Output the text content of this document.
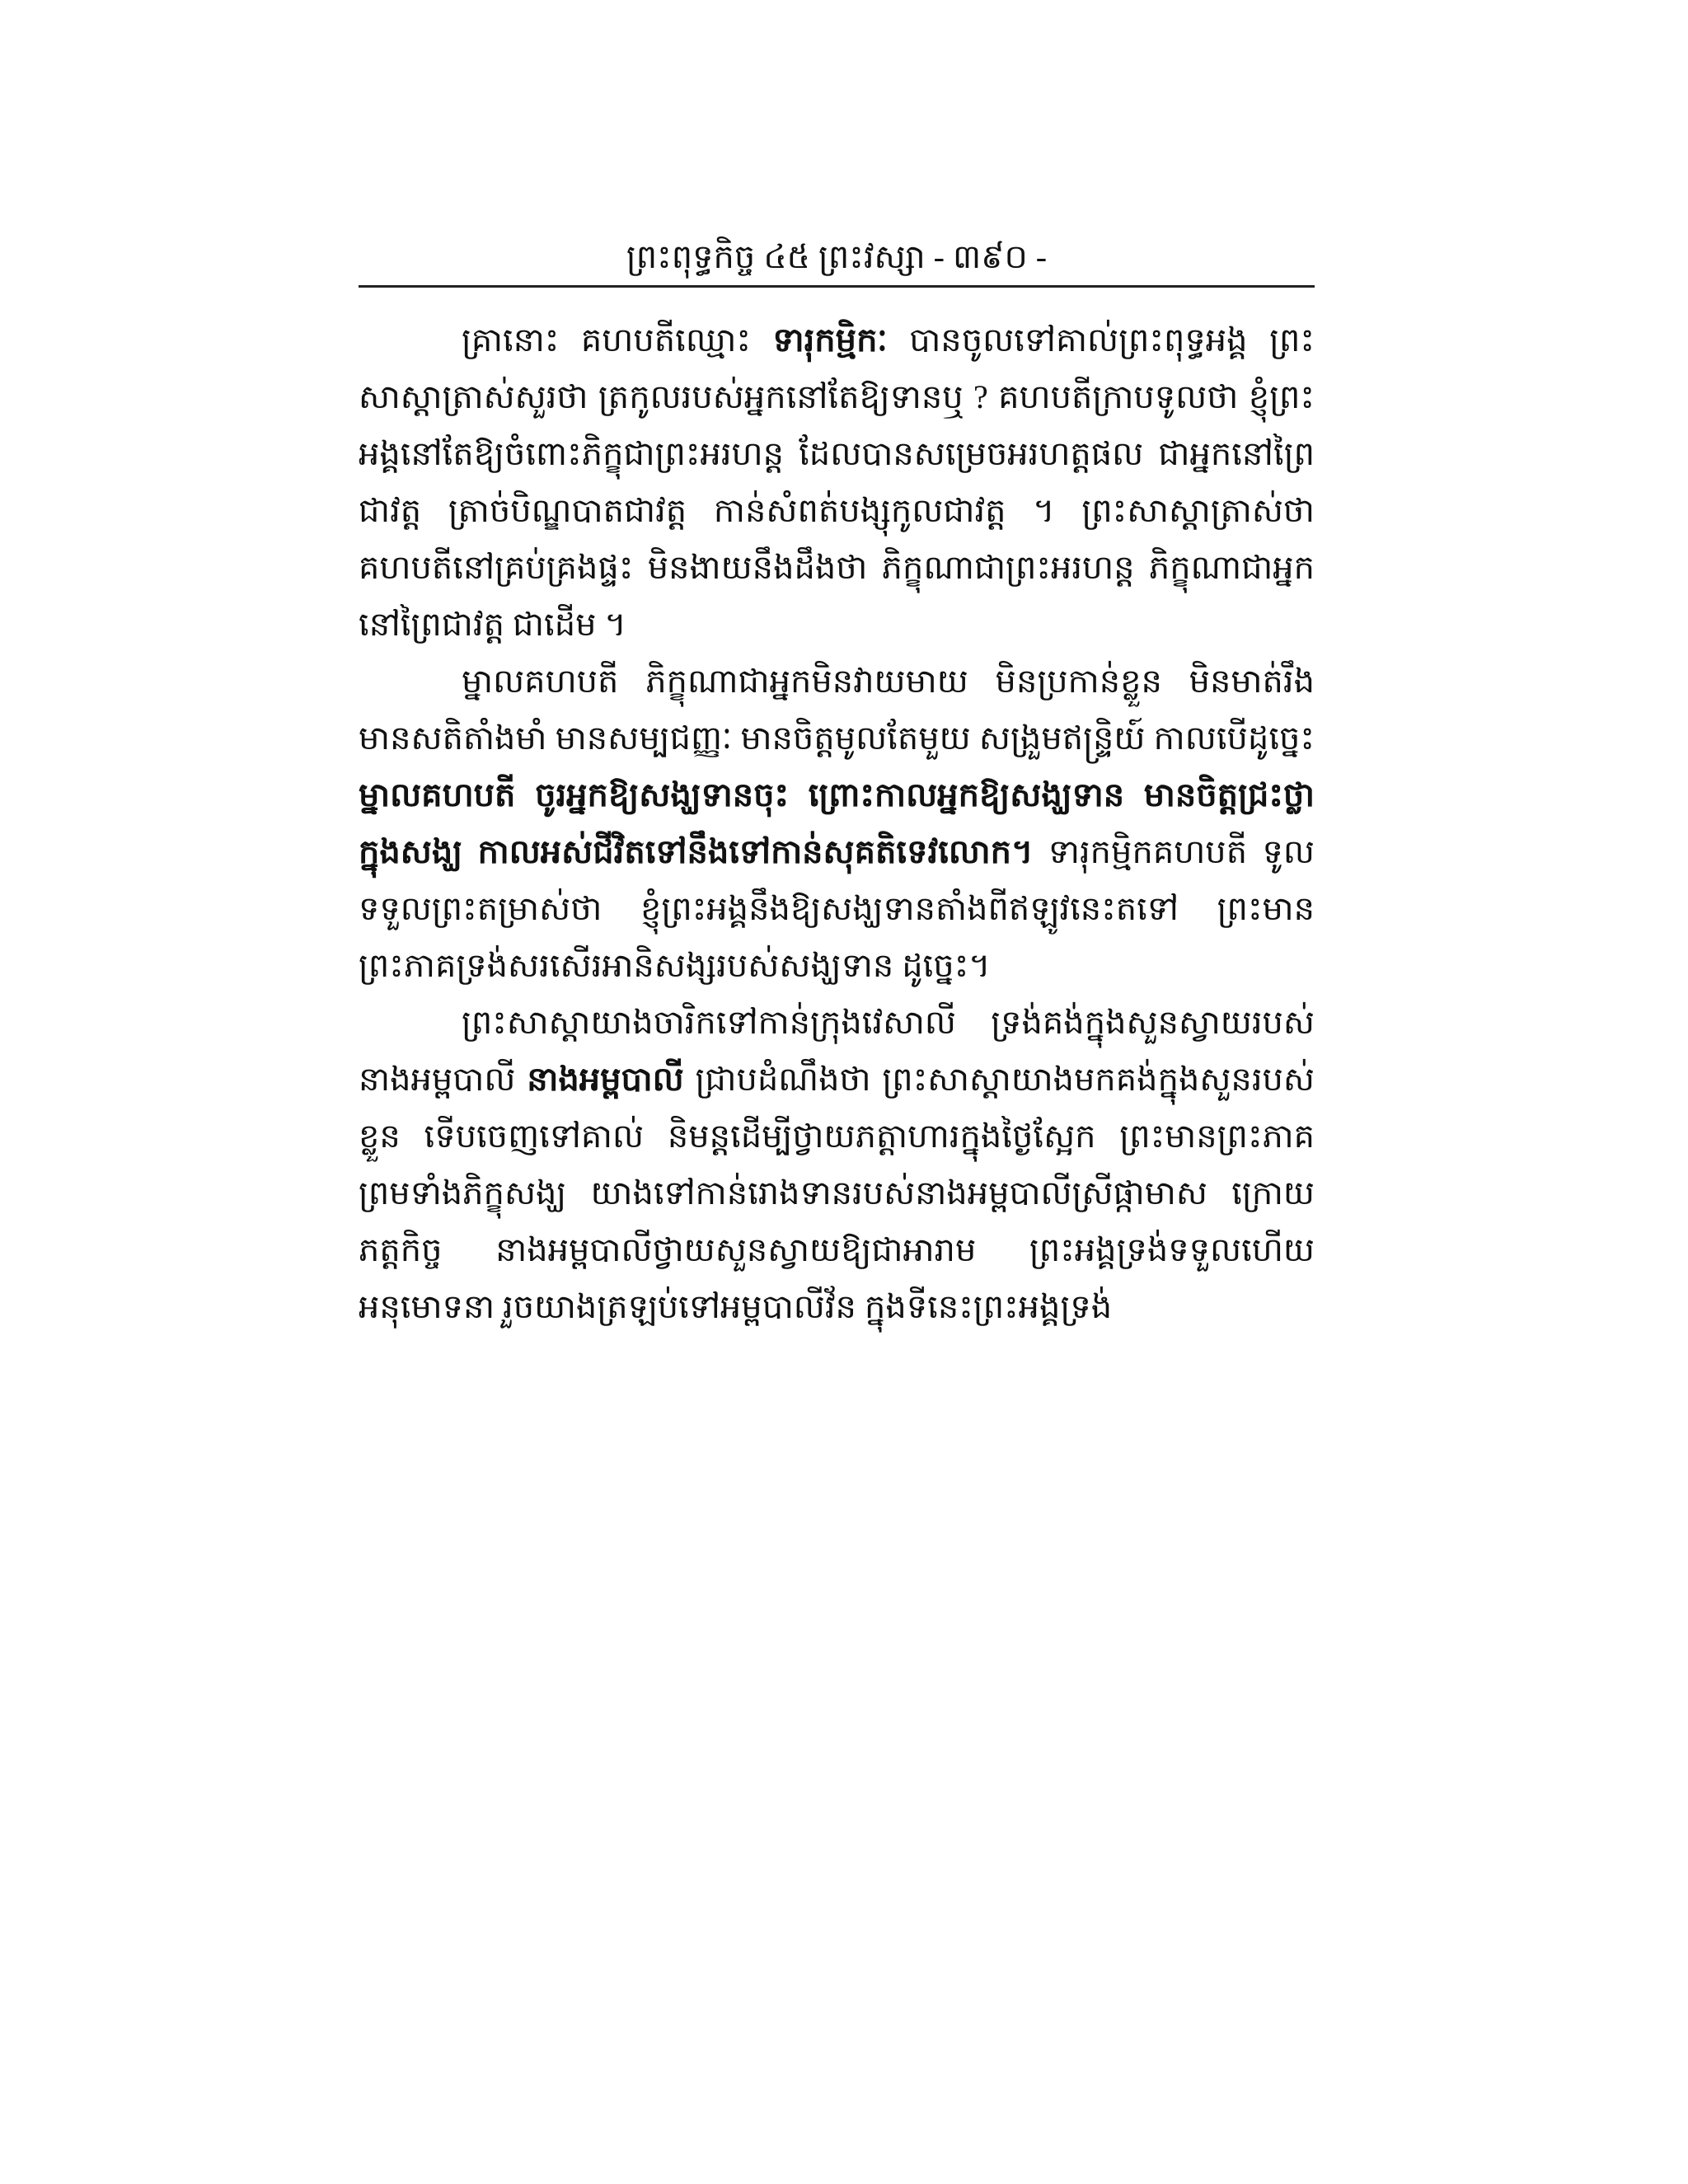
ព្រះពុទ្ធកិច្ច ៤៥ ព្រះវស្សា - ៣៩០ -

គ្រានោះ គហបតីឈ្មោះ ទារុកម្មិកៈ បានចូលទៅគាល់ព្រះពុទ្ធអង្គ ព្រះសាស្ដាត្រាស់សួរថា ត្រកូលរបស់អ្នកនៅតែឱ្យទានឬ ? គហបតីក្រាបទូលថា ខ្ញុំព្រះអង្គនៅតែឱ្យចំពោះភិក្ខុជាព្រះអរហន្ត ដែលបានសម្រេចអរហត្តផល ជាអ្នកនៅព្រៃជាវត្ត ត្រាច់បិណ្ឌបាតជាវត្ត កាន់សំពត់បង្សុកូលជាវត្ត ។ ព្រះសាស្ដាត្រាស់ថា គហបតីនៅគ្រប់គ្រងផ្ទះ មិនងាយនឹងដឹងថា ភិក្ខុណាជាព្រះអរហន្ត ភិក្ខុណាជាអ្នកនៅព្រៃជាវត្ត ជាដើម ។

ម្នាលគហបតី ភិក្ខុណាជាអ្នកមិនវាយមាយ មិនប្រកាន់ខ្លួន មិនមាត់រឹង មានសតិតាំងមាំ មានសម្បជញ្ញៈ មានចិត្តមូលតែមួយ សង្រួមឥន្ទ្រិយ៍ កាលបើដូច្នេះ ម្នាលគហបតី ចូរអ្នកឱ្យសង្ឃទានចុះ ព្រោះកាលអ្នកឱ្យសង្ឃទាន មានចិត្តជ្រះថ្លាក្នុងសង្ឃ កាលអស់ជីវិតទៅនឹងទៅកាន់សុគតិទេវលោក។ ទារុកម្មិកគហបតី ទូលទទួលព្រះតម្រាស់ថា ខ្ញុំព្រះអង្គនឹងឱ្យសង្ឃទានតាំងពីឥឡូវនេះតទៅ ព្រះមានព្រះភាគទ្រង់សរសើរអានិសង្សរបស់សង្ឃទាន ដូច្នេះ។

ព្រះសាស្ដាយាងចារិកទៅកាន់ក្រុងវេសាលី ទ្រង់គង់ក្នុងសួនស្វាយរបស់នាងអម្ពបាលី នាងអម្ពបាលី ជ្រាបដំណឹងថា ព្រះសាស្ដាយាងមកគង់ក្នុងសួនរបស់ខ្លួន ទើបចេញទៅគាល់ និមន្តដើម្បីថ្វាយភត្តាហារក្នុងថ្ងៃស្អែក ព្រះមានព្រះភាគព្រមទាំងភិក្ខុសង្ឃ យាងទៅកាន់រោងទានរបស់នាងអម្ពបាលីស្រីផ្កាមាស ក្រោយភត្តកិច្ច នាងអម្ពបាលីថ្វាយសួនស្វាយឱ្យជាអារាម ព្រះអង្គទ្រង់ទទួលហើយអនុមោទនា រួចយាងត្រឡប់ទៅអម្ពបាលីវ័ន ក្នុងទីនេះព្រះអង្គទ្រង់
